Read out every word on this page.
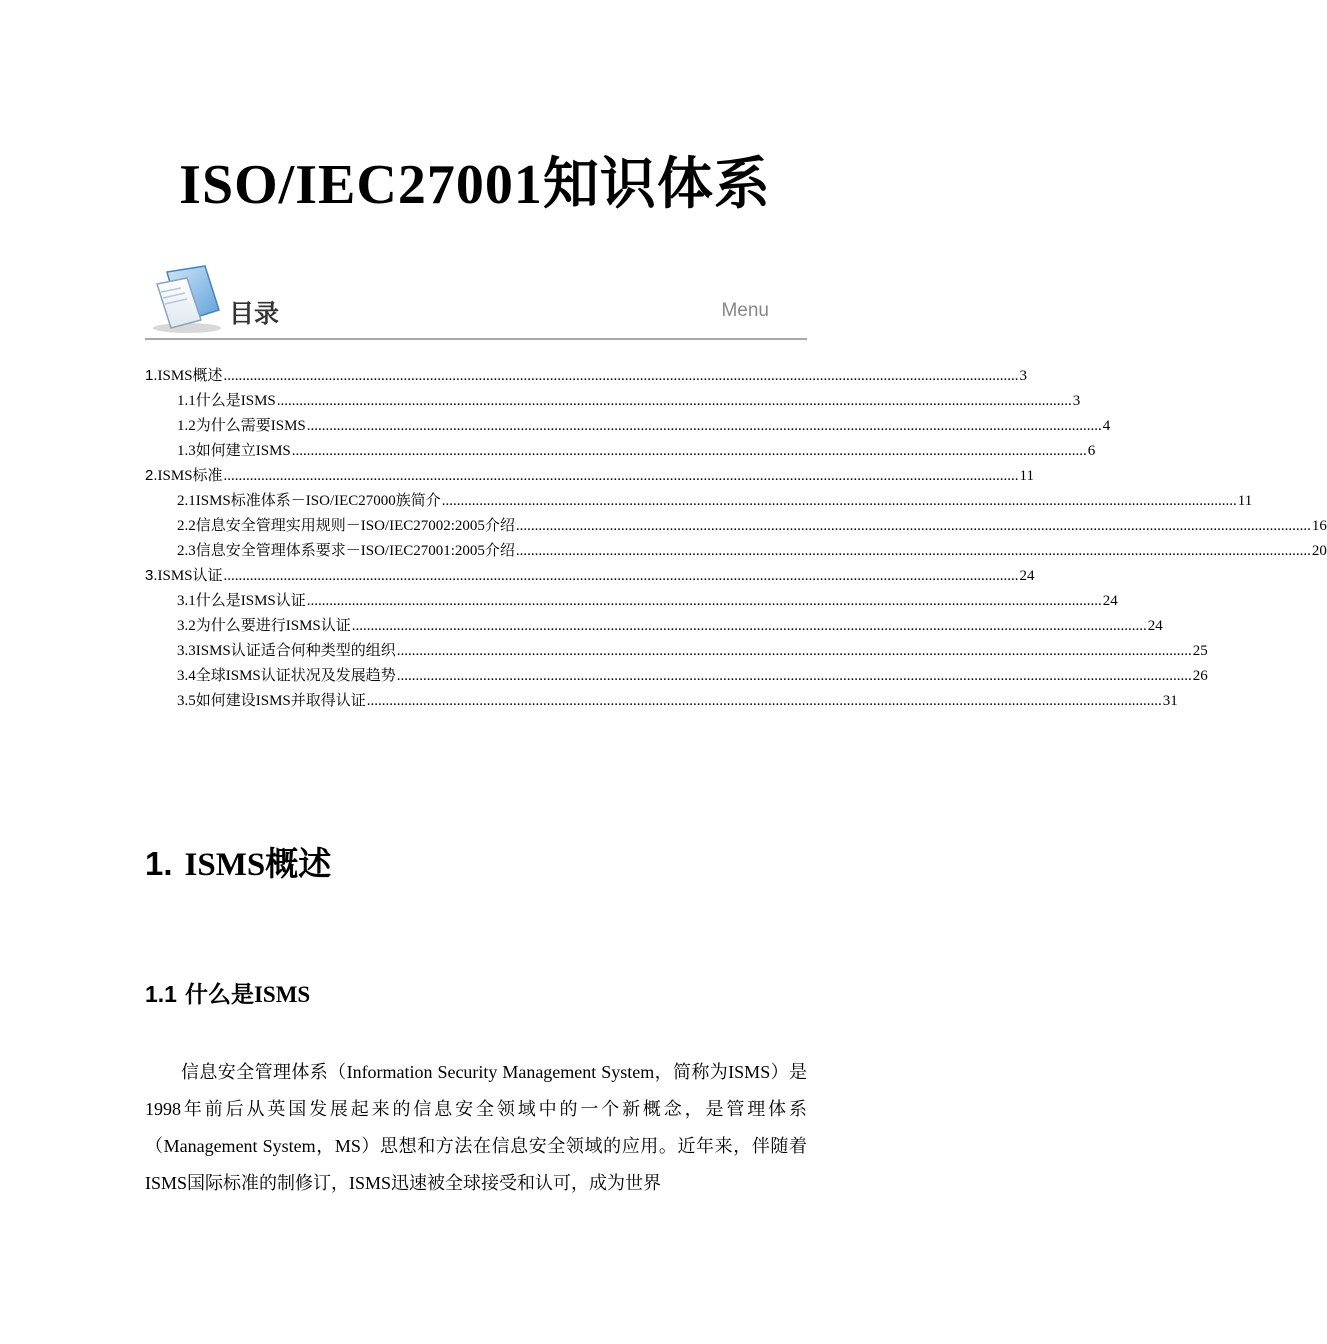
ISO/IEC27001知识体系
目录	Menu
1. ISMS概述 .................................................................................................................................................................................................................... 3
1.1 什么是ISMS .................................................................................................................................................................................................................... 3
1.2 为什么需要ISMS .................................................................................................................................................................................................................... 4
1.3 如何建立ISMS .................................................................................................................................................................................................................... 6
2. ISMS标准 .................................................................................................................................................................................................................... 11
2.1 ISMS标准体系－ISO/IEC27000族简介 .................................................................................................................................................................................................................... 11
2.2 信息安全管理实用规则－ISO/IEC27002:2005介绍 .................................................................................................................................................................................................................... 16
2.3 信息安全管理体系要求－ISO/IEC27001:2005介绍 .................................................................................................................................................................................................................... 20
3. ISMS认证 .................................................................................................................................................................................................................... 24
3.1 什么是ISMS认证 .................................................................................................................................................................................................................... 24
3.2 为什么要进行ISMS认证 .................................................................................................................................................................................................................... 24
3.3 ISMS认证适合何种类型的组织 .................................................................................................................................................................................................................... 25
3.4 全球ISMS认证状况及发展趋势 .................................................................................................................................................................................................................... 26
3.5 如何建设ISMS并取得认证 .................................................................................................................................................................................................................... 31
1. ISMS概述
1.1 什么是ISMS
信息安全管理体系（Information Security Management System，简称为ISMS）是1998年前后从英国发展起来的信息安全领域中的一个新概念，是管理体系（Management System，MS）思想和方法在信息安全领域的应用。近年来，伴随着ISMS国际标准的制修订，ISMS迅速被全球接受和认可，成为世界
